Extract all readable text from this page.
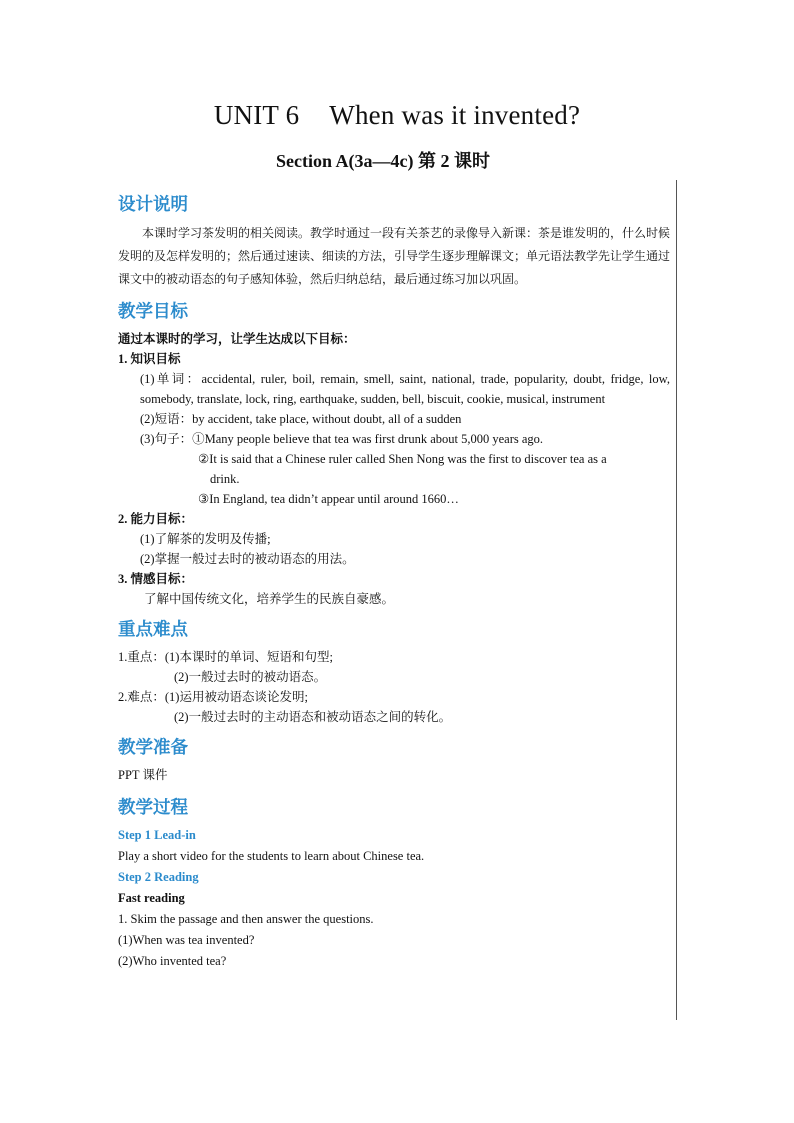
UNIT 6 When was it invented?
Section A(3a—4c) 第 2 课时
设计说明
本课时学习茶发明的相关阅读。教学时通过一段有关茶艺的录像导入新课：茶是谁发明的，什么时候发明的及怎样发明的；然后通过速读、细读的方法，引导学生逐步理解课文；单元语法教学先让学生通过课文中的被动语态的句子感知体验，然后归纳总结，最后通过练习加以巩固。
教学目标
通过本课时的学习，让学生达成以下目标：
1. 知识目标
(1)单词：accidental, ruler, boil, remain, smell, saint, national, trade, popularity, doubt, fridge, low, somebody, translate, lock, ring, earthquake, sudden, bell, biscuit, cookie, musical, instrument
(2)短语：by accident, take place, without doubt, all of a sudden
(3)句子：①Many people believe that tea was first drunk about 5,000 years ago.
②It is said that a Chinese ruler called Shen Nong was the first to discover tea as a
drink.
③In England, tea didn’t appear until around 1660…
2. 能力目标：
(1)了解茶的发明及传播;
(2)掌握一般过去时的被动语态的用法。
3. 情感目标：
了解中国传统文化，培养学生的民族自豪感。
重点难点
1.重点：(1)本课时的单词、短语和句型;
(2)一般过去时的被动语态。
2.难点：(1)运用被动语态谈论发明;
(2)一般过去时的主动语态和被动语态之间的转化。
教学准备
PPT 课件
教学过程
Step 1 Lead-in
Play a short video for the students to learn about Chinese tea.
Step 2 Reading
Fast reading
1. Skim the passage and then answer the questions.
(1)When was tea invented?
(2)Who invented tea?
